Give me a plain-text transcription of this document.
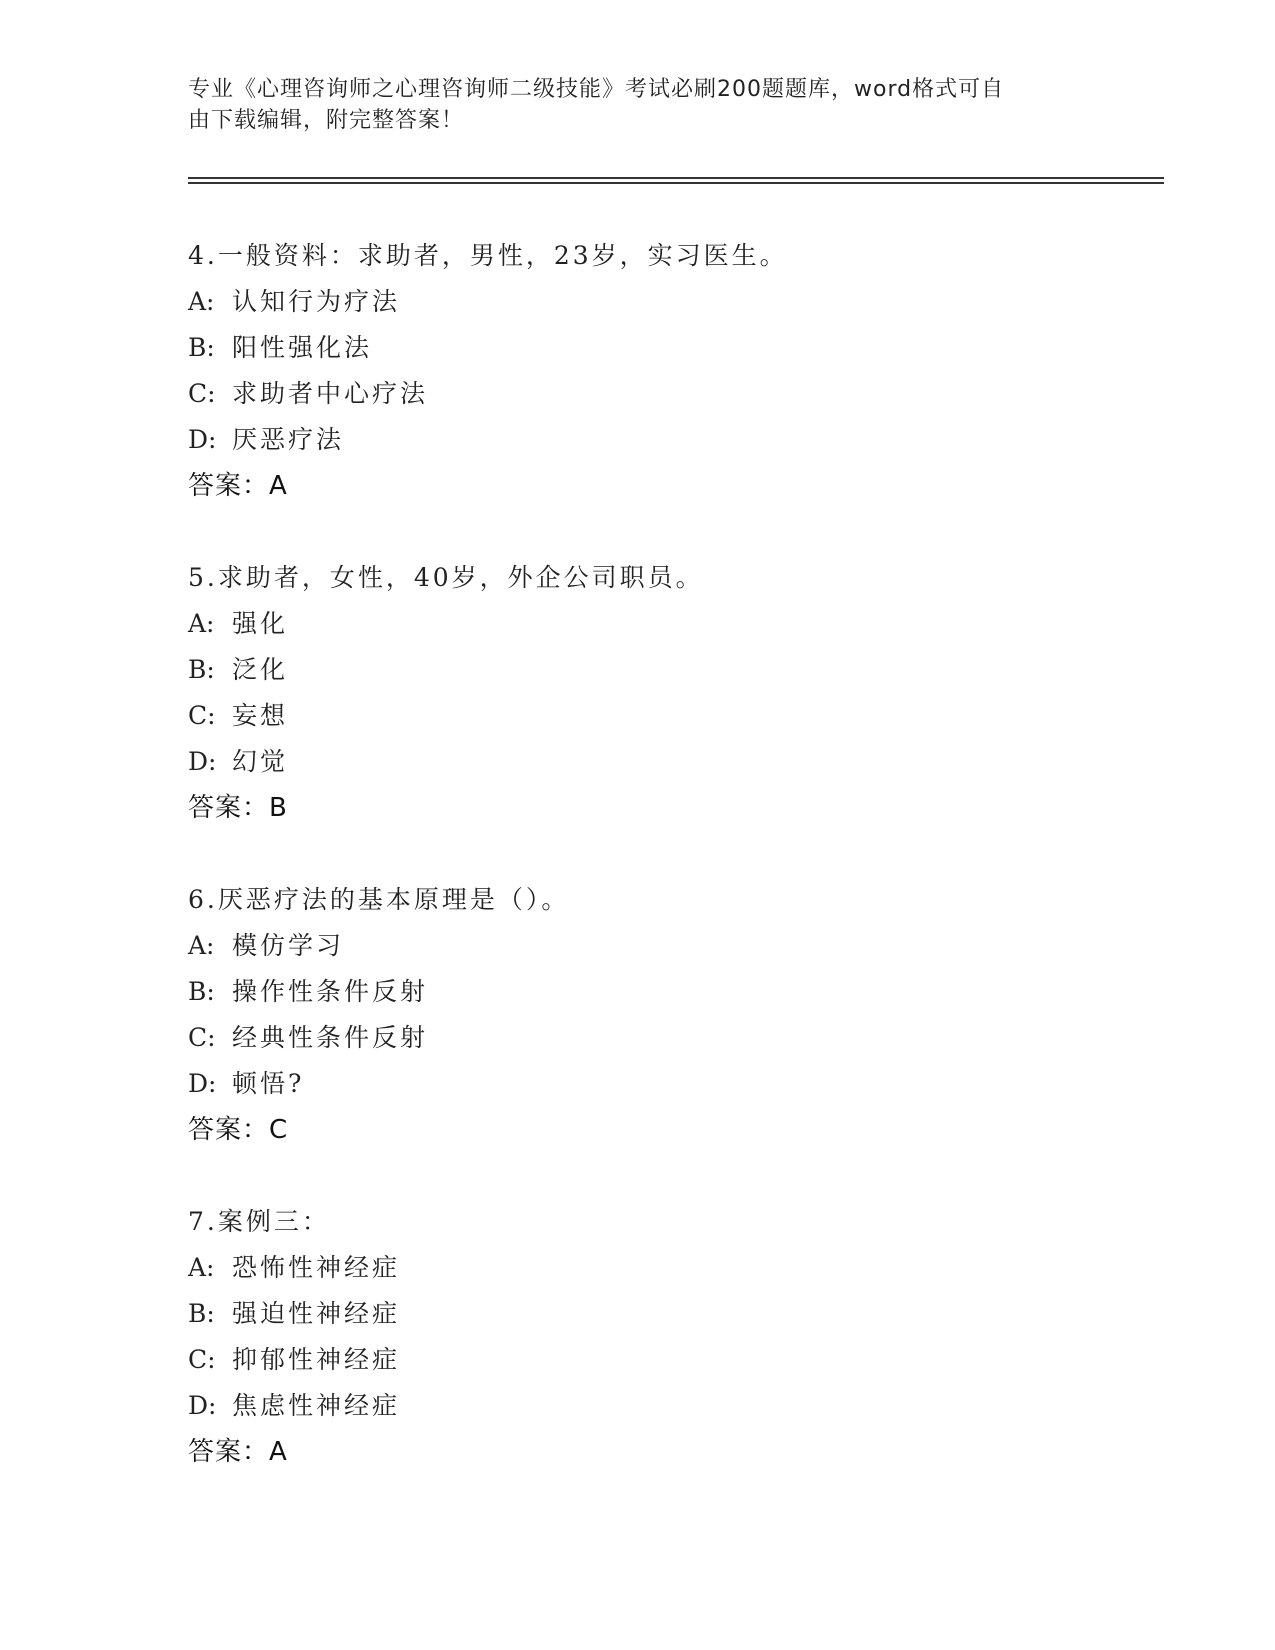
专业《心理咨询师之心理咨询师二级技能》考试必刷200题题库，word格式可自
由下载编辑，附完整答案！
4.一般资料：求助者，男性，23岁，实习医生。
A: 认知行为疗法
B: 阳性强化法
C: 求助者中心疗法
D: 厌恶疗法
答案：A
5.求助者，女性，40岁，外企公司职员。
A: 强化
B: 泛化
C: 妄想
D: 幻觉
答案：B
6.厌恶疗法的基本原理是（）。
A: 模仿学习
B: 操作性条件反射
C: 经典性条件反射
D: 顿悟?
答案：C
7.案例三：
A: 恐怖性神经症
B: 强迫性神经症
C: 抑郁性神经症
D: 焦虑性神经症
答案：A
